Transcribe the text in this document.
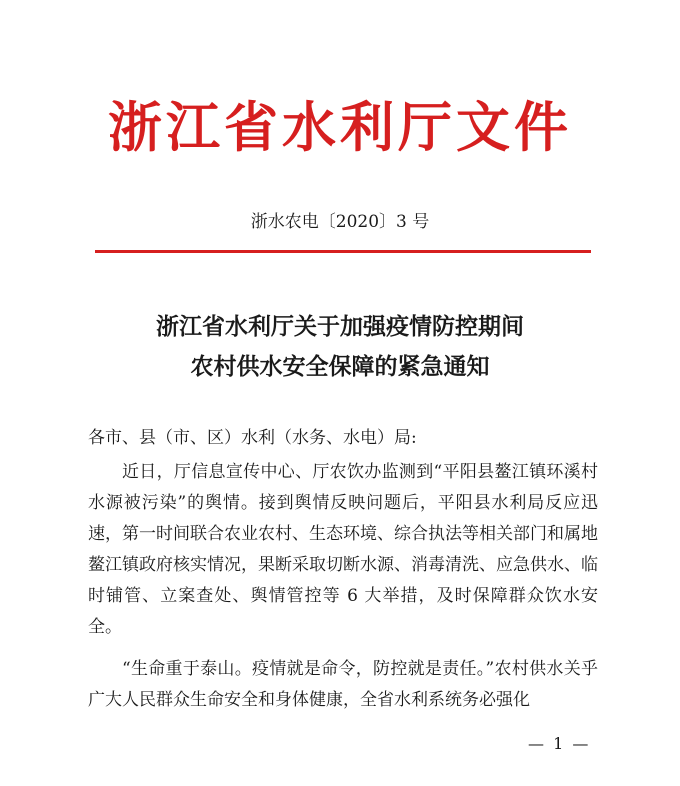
浙江省水利厅文件
浙水农电〔2020〕3 号
浙江省水利厅关于加强疫情防控期间
农村供水安全保障的紧急通知
各市、县（市、区）水利（水务、水电）局:
近日，厅信息宣传中心、厅农饮办监测到“平阳县鳌江镇环溪村水源被污染”的舆情。接到舆情反映问题后，平阳县水利局反应迅速，第一时间联合农业农村、生态环境、综合执法等相关部门和属地鳌江镇政府核实情况，果断采取切断水源、消毒清洗、应急供水、临时铺管、立案查处、舆情管控等 6 大举措，及时保障群众饮水安全。
“生命重于泰山。疫情就是命令，防控就是责任。”农村供水关乎广大人民群众生命安全和身体健康，全省水利系统务必强化
— 1 —
